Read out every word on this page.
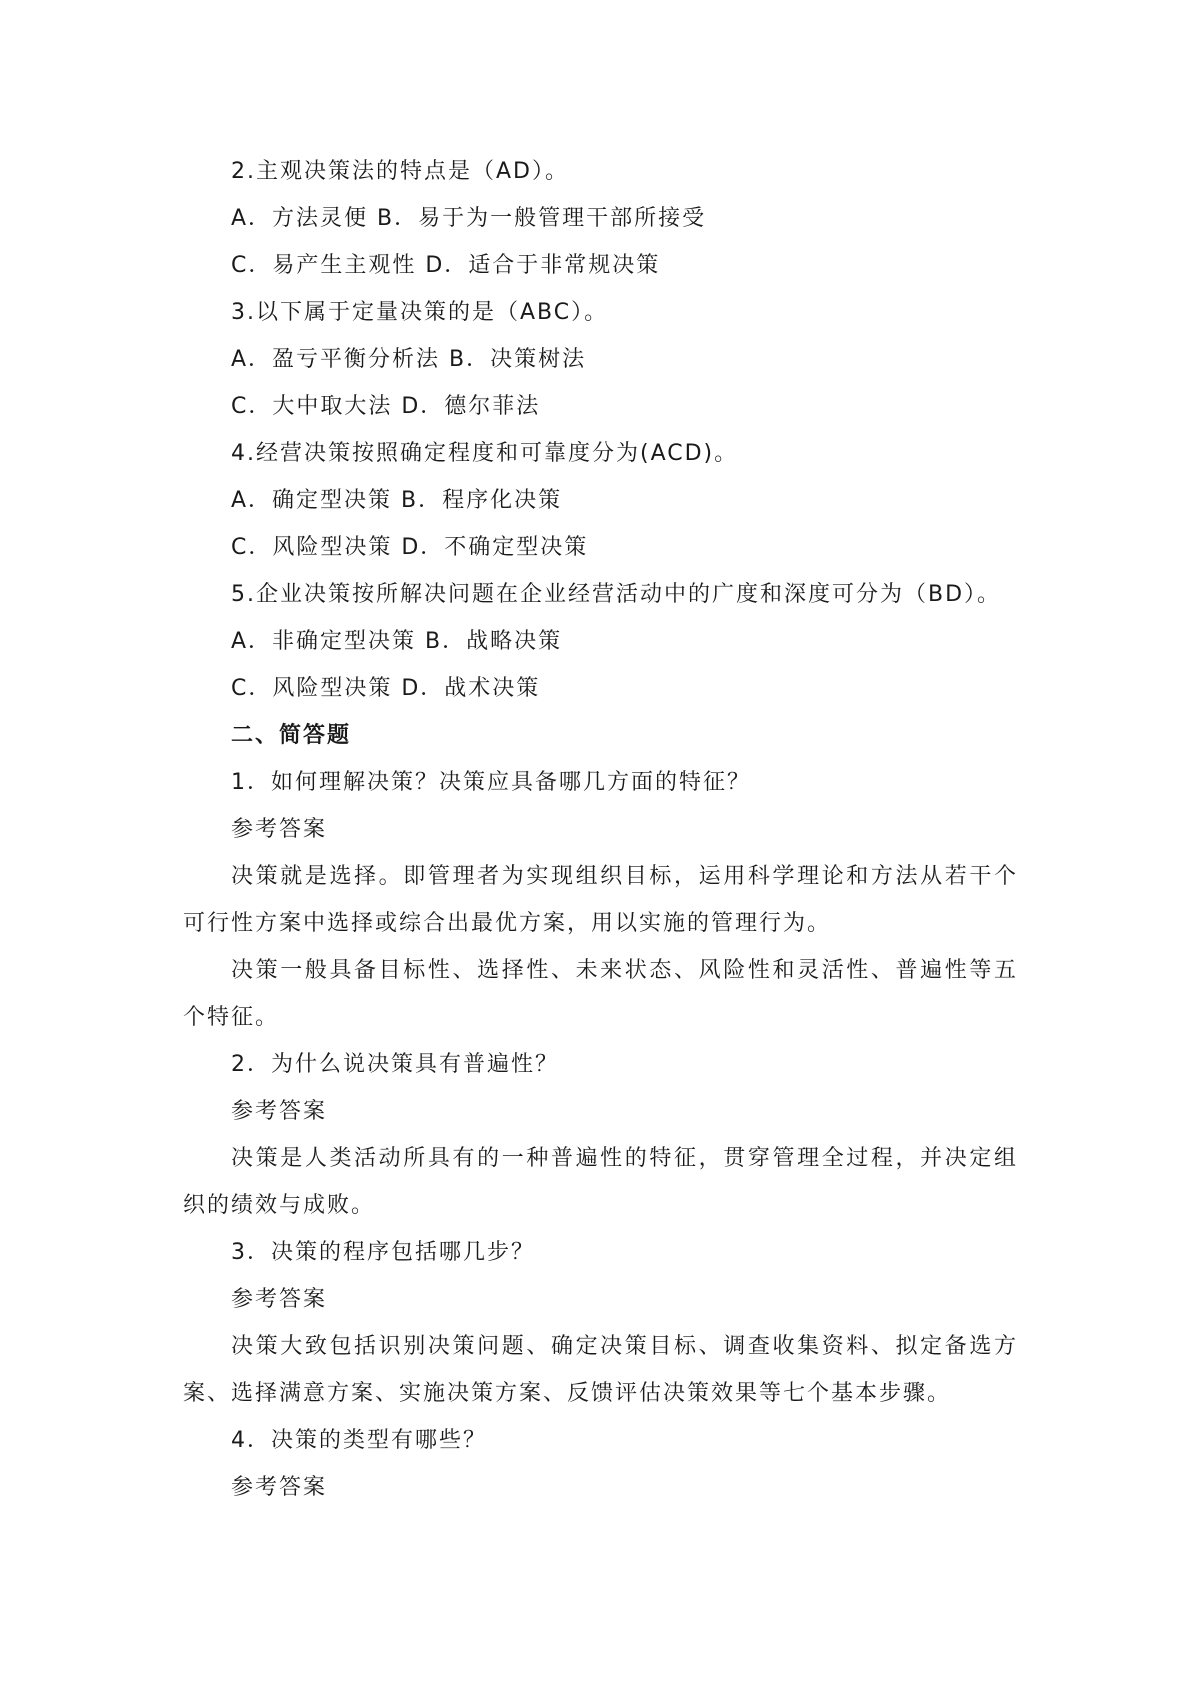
2.主观决策法的特点是（AD）。
A．方法灵便 B．易于为一般管理干部所接受
C．易产生主观性 D．适合于非常规决策
3.以下属于定量决策的是（ABC）。
A．盈亏平衡分析法 B．决策树法
C．大中取大法 D．德尔菲法
4.经营决策按照确定程度和可靠度分为(ACD)。
A．确定型决策 B．程序化决策
C．风险型决策 D．不确定型决策
5.企业决策按所解决问题在企业经营活动中的广度和深度可分为（BD）。
A．非确定型决策 B．战略决策
C．风险型决策 D．战术决策
二、简答题
1．如何理解决策？决策应具备哪几方面的特征？
参考答案

决策就是选择。即管理者为实现组织目标，运用科学理论和方法从若干个可行性方案中选择或综合出最优方案，用以实施的管理行为。

决策一般具备目标性、选择性、未来状态、风险性和灵活性、普遍性等五个特征。

2．为什么说决策具有普遍性？
参考答案

决策是人类活动所具有的一种普遍性的特征，贯穿管理全过程，并决定组织的绩效与成败。

3．决策的程序包括哪几步？
参考答案

决策大致包括识别决策问题、确定决策目标、调查收集资料、拟定备选方案、选择满意方案、实施决策方案、反馈评估决策效果等七个基本步骤。

4．决策的类型有哪些？
参考答案
